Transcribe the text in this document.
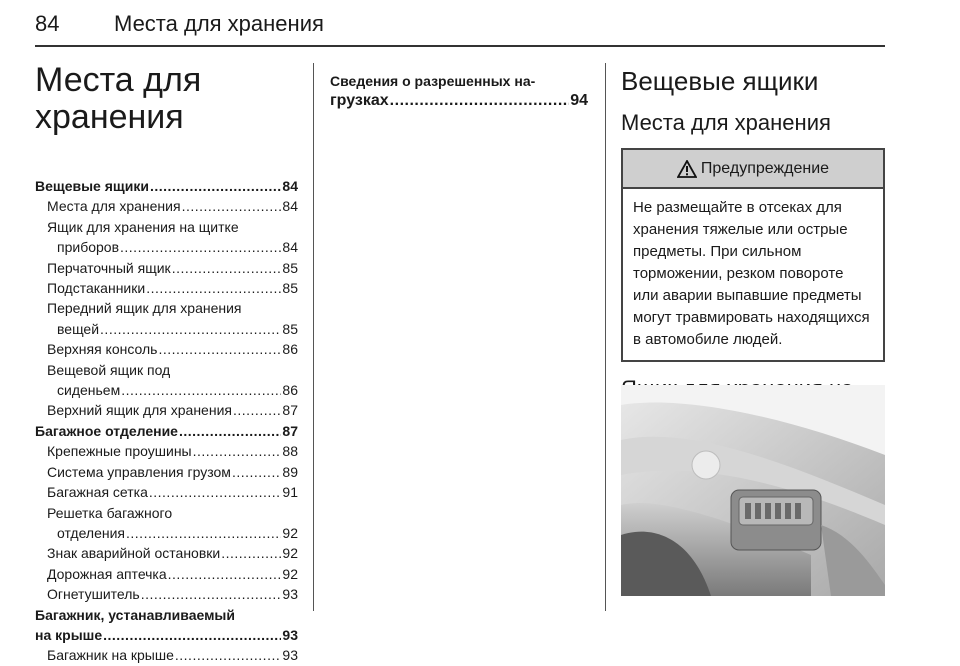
84 Места для хранения
Места для
хранения
Вещевые ящики .....	84
Места для хранения .....	84
Ящик для хранения на щитке
приборов .....	84
Перчаточный ящик .....	85
Подстаканники .....	85
Передний ящик для хранения
вещей .....	85
Верхняя консоль .....	86
Вещевой ящик под
сиденьем .....	86
Верхний ящик для хранения .....	87
Багажное отделение .....	87
Крепежные проушины .....	88
Система управления грузом .....	89
Багажная сетка .....	91
Решетка багажного
отделения .....	92
Знак аварийной остановки .....	92
Дорожная аптечка .....	92
Огнетушитель .....	93
Багажник, устанавливаемый
на крыше .....	93
Багажник на крыше .....	93
Сведения о разрешенных на-
грузках .....	94
Вещевые ящики
Места для хранения
Предупреждение
Не размещайте в отсеках для хранения тяжелые или острые предметы. При сильном торможении, резком повороте или аварии выпавшие предметы могут травмировать находящихся в автомобиле людей.
